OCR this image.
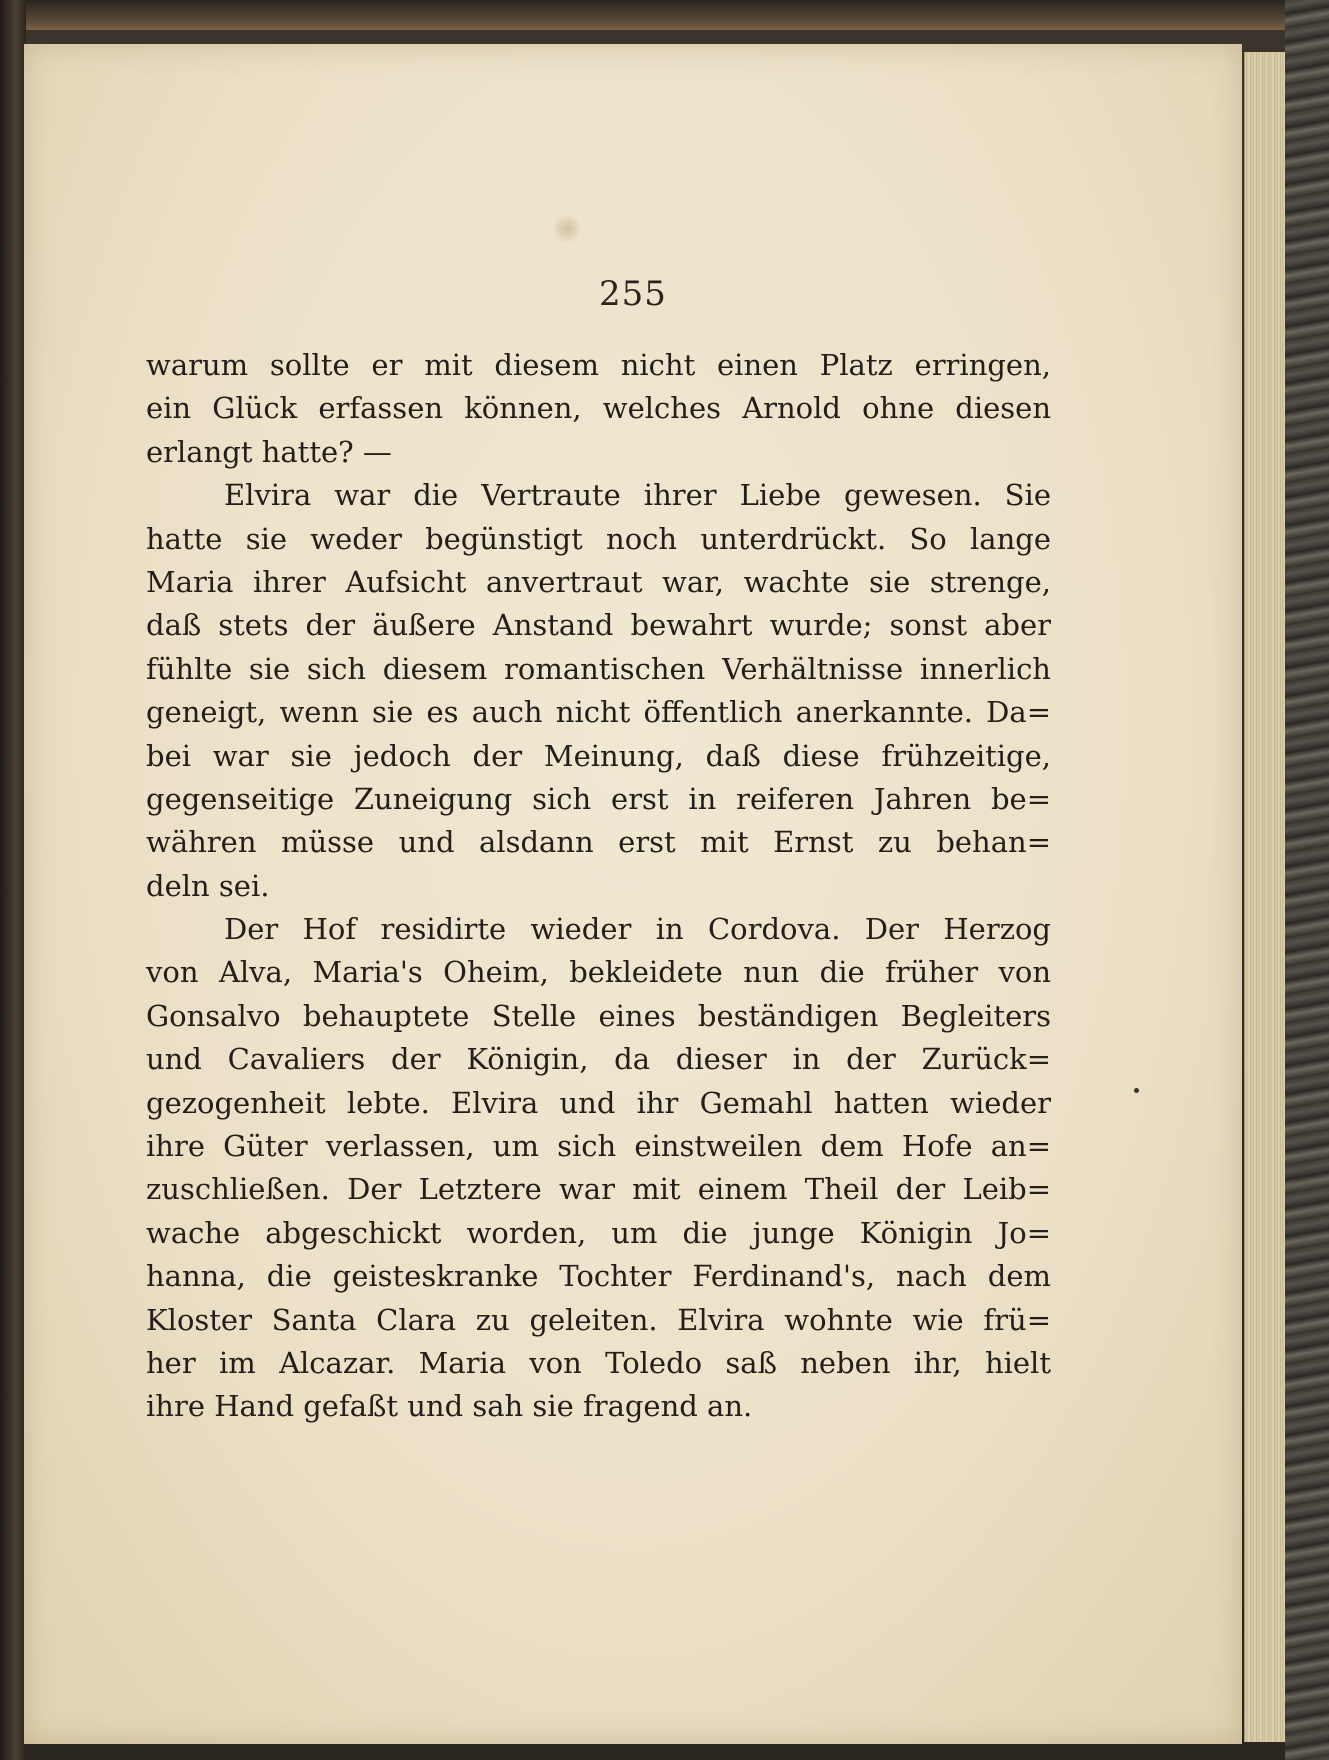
255
warum sollte er mit diesem nicht einen Platz erringen,
ein Glück erfassen können, welches Arnold ohne diesen
erlangt hatte? —
Elvira war die Vertraute ihrer Liebe gewesen. Sie
hatte sie weder begünstigt noch unterdrückt. So lange
Maria ihrer Aufsicht anvertraut war, wachte sie strenge,
daß stets der äußere Anstand bewahrt wurde; sonst aber
fühlte sie sich diesem romantischen Verhältnisse innerlich
geneigt, wenn sie es auch nicht öffentlich anerkannte. Da=
bei war sie jedoch der Meinung, daß diese frühzeitige,
gegenseitige Zuneigung sich erst in reiferen Jahren be=
währen müsse und alsdann erst mit Ernst zu behan=
deln sei.
Der Hof residirte wieder in Cordova. Der Herzog
von Alva, Maria's Oheim, bekleidete nun die früher von
Gonsalvo behauptete Stelle eines beständigen Begleiters
und Cavaliers der Königin, da dieser in der Zurück=
gezogenheit lebte. Elvira und ihr Gemahl hatten wieder
ihre Güter verlassen, um sich einstweilen dem Hofe an=
zuschließen. Der Letztere war mit einem Theil der Leib=
wache abgeschickt worden, um die junge Königin Jo=
hanna, die geisteskranke Tochter Ferdinand's, nach dem
Kloster Santa Clara zu geleiten. Elvira wohnte wie frü=
her im Alcazar. Maria von Toledo saß neben ihr, hielt
ihre Hand gefaßt und sah sie fragend an.
